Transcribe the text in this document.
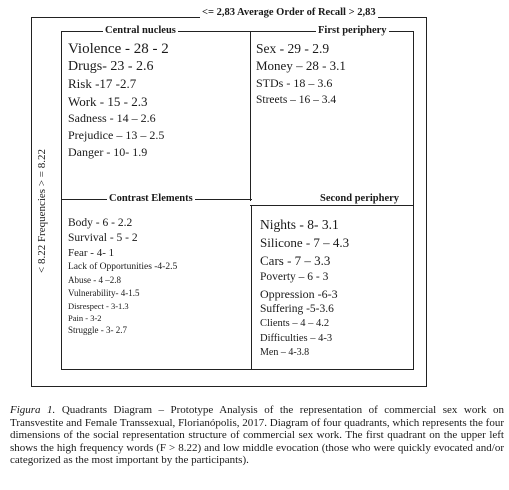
<= 2,83 Average Order of Recall > 2,83
< 8.22 Frequencies > = 8.22
Central nucleus	First periphery
Contrast Elements	Second periphery
Violence - 28 - 2
Drugs- 23 - 2.6
Risk -17 -2.7
Work - 15 - 2.3
Sadness - 14 – 2.6
Prejudice – 13 – 2.5
Danger - 10- 1.9
Sex - 29 - 2.9
Money – 28 - 3.1
STDs - 18 – 3.6
Streets – 16 – 3.4
Body - 6 - 2.2
Survival - 5 - 2
Fear - 4- 1
Lack of Opportunities -4-2.5
Abuse - 4 –2.8
Vulnerability- 4-1.5
Disrespect - 3-1.3
Pain - 3-2
Struggle - 3- 2.7
Nights - 8- 3.1
Silicone - 7 – 4.3
Cars - 7 – 3.3
Poverty – 6 - 3
Oppression -6-3
Suffering -5-3.6
Clients – 4 – 4.2
Difficulties – 4-3
Men – 4-3.8

Figura 1. Quadrants Diagram – Prototype Analysis of the representation of commercial sex work on Transvestite and Female Transsexual, Florianópolis, 2017. Diagram of four quadrants, which represents the four dimensions of the social representation structure of commercial sex work. The first quadrant on the upper left shows the high frequency words (F > 8.22) and low middle evocation (those who were quickly evocated and/or categorized as the most important by the participants).
